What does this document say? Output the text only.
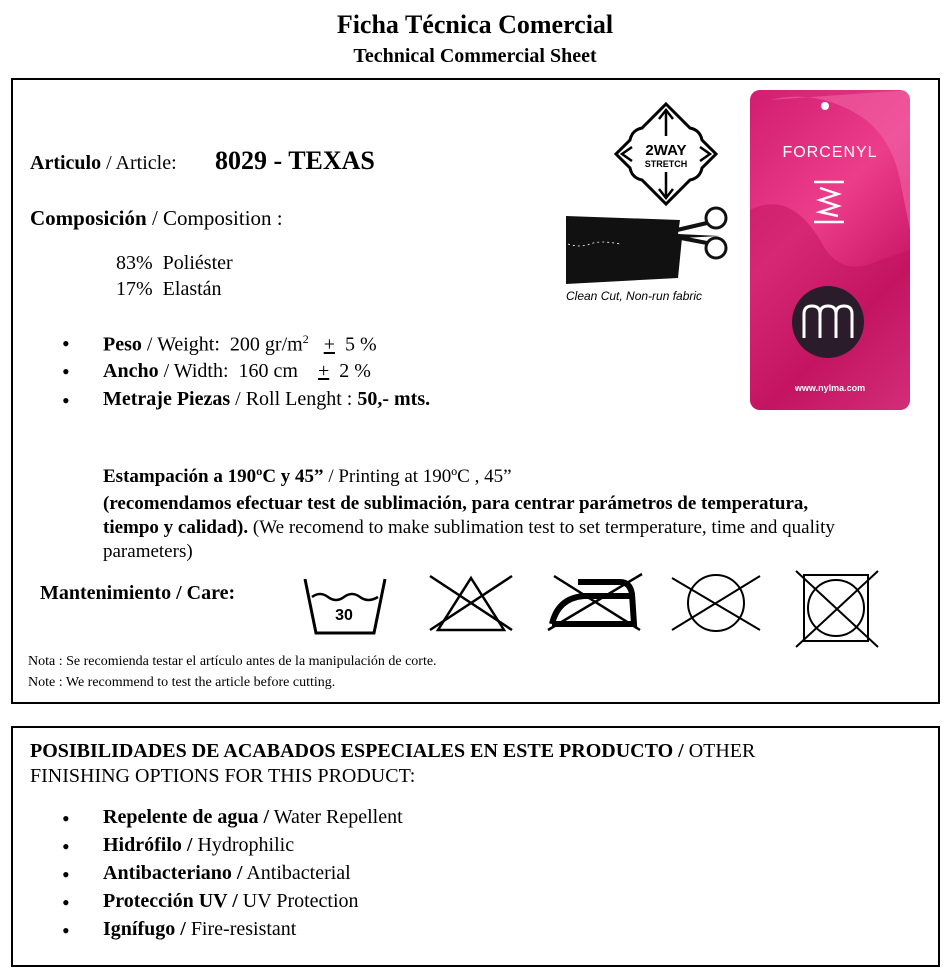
Ficha Técnica Comercial
Technical Commercial Sheet
Articulo / Article: 8029 - TEXAS
Composición / Composition :
83% Poliéster
17% Elastán
• Peso / Weight: 200 $gr/m^2 + 5$ %
• Ancho / Width: 160 cm + 2 %
• Metraje Piezas / Roll Lenght : 50,- mts.
Estampación a 190ºC y 45” / Printing at 190ºC , 45”
(recomendamos efectuar test de sublimación, para centrar parámetros de temperatura,
tiempo y calidad). (We recomend to make sublimation test to set termperature, time and quality
parameters)
Mantenimiento / Care:
30
Nota : Se recomienda testar el artículo antes de la manipulación de corte.
Note : We recommend to test the article before cutting.
2WAY
STRETCH
Clean Cut, Non-run fabric
FORCENYL
www.nylma.com
POSIBILIDADES DE ACABADOS ESPECIALES EN ESTE PRODUCTO / OTHER
FINISHING OPTIONS FOR THIS PRODUCT:
• Repelente de agua / Water Repellent
• Hidrófilo / Hydrophilic
• Antibacteriano / Antibacterial
• Protección UV / UV Protection
• Ignífugo / Fire-resistant
